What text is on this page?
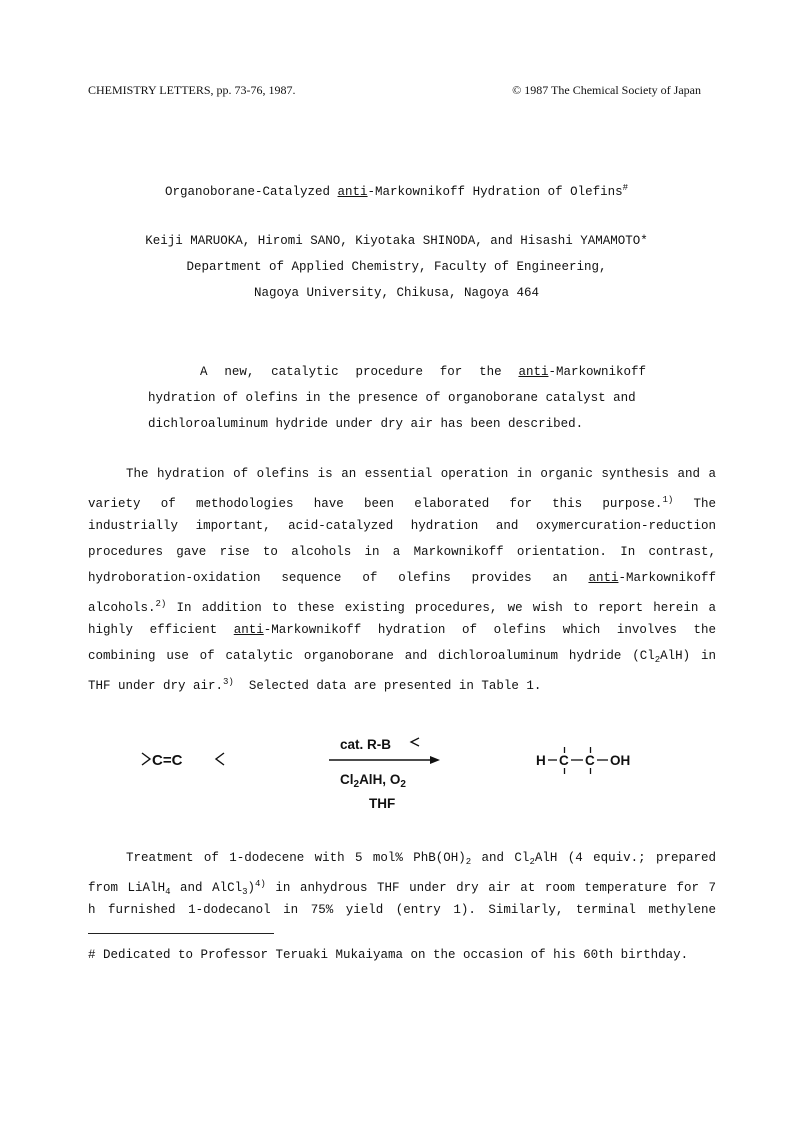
CHEMISTRY LETTERS, pp. 73-76, 1987.	© 1987 The Chemical Society of Japan
Organoborane-Catalyzed anti-Markownikoff Hydration of Olefins#
Keiji MARUOKA, Hiromi SANO, Kiyotaka SHINODA, and Hisashi YAMAMOTO*
Department of Applied Chemistry, Faculty of Engineering,
Nagoya University, Chikusa, Nagoya 464
A new, catalytic procedure for the anti-Markownikoff
hydration of olefins in the presence of organoborane catalyst and
dichloroaluminum hydride under dry air has been described.
The hydration of olefins is an essential operation in organic synthesis and a
variety of methodologies have been elaborated for this purpose.$^{1)}$ The
industrially important, acid-catalyzed hydration and oxymercuration-reduction
procedures gave rise to alcohols in a Markownikoff orientation. In contrast,
hydroboration-oxidation sequence of olefins provides an anti-Markownikoff
alcohols.$^{2)}$ In addition to these existing procedures, we wish to report herein a
highly efficient anti-Markownikoff hydration of olefins which involves the
combining use of catalytic organoborane and dichloroaluminum hydride $(Cl_2AlH)$ in
THF under dry air.$^{3)}$ Selected data are presented in Table 1.
C=C
cat. R-B
$Cl_2AlH$, $O_2$
THF
H C C OH
Treatment of 1-dodecene with 5 mol% $PhB(OH)_2$ and $Cl_2AlH$ (4 equiv.; prepared
from LiAlH$_4$ and AlCl$_3$)$^{4)}$ in anhydrous THF under dry air at room temperature for 7
h furnished 1-dodecanol in 75% yield (entry 1). Similarly, terminal methylene
# Dedicated to Professor Teruaki Mukaiyama on the occasion of his 60th birthday.
